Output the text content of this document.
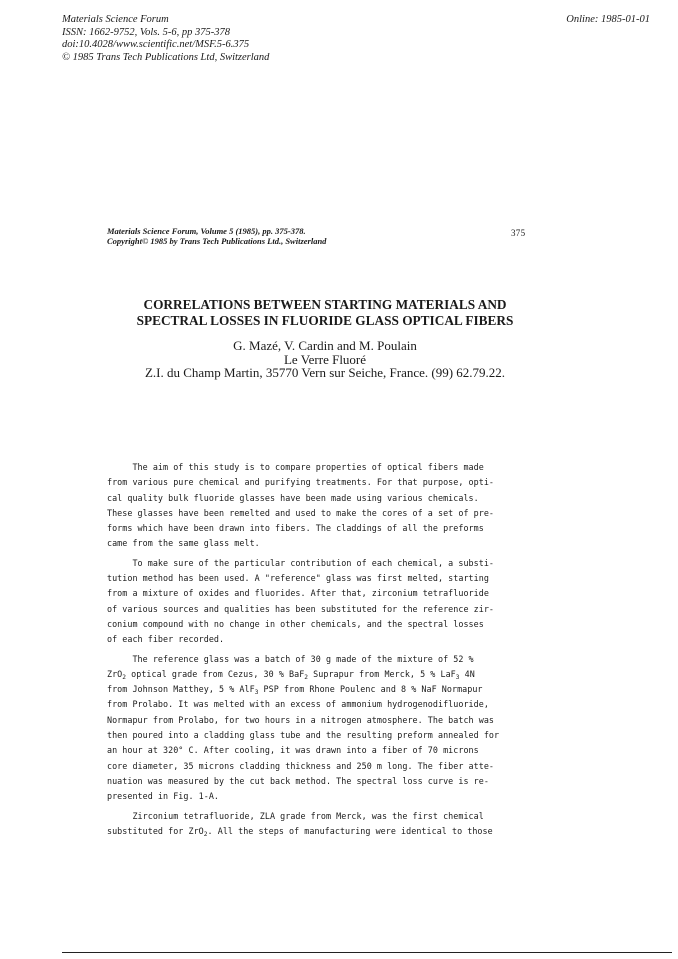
Materials Science Forum
ISSN: 1662-9752, Vols. 5-6, pp 375-378
doi:10.4028/www.scientific.net/MSF.5-6.375
© 1985 Trans Tech Publications Ltd, Switzerland
Online: 1985-01-01
Materials Science Forum, Volume 5 (1985), pp. 375-378.
Copyright© 1985 by Trans Tech Publications Ltd., Switzerland
375
CORRELATIONS BETWEEN STARTING MATERIALS AND
SPECTRAL LOSSES IN FLUORIDE GLASS OPTICAL FIBERS
G. Mazé, V. Cardin and M. Poulain
Le Verre Fluoré
Z.I. du Champ Martin, 35770 Vern sur Seiche, France. (99) 62.79.22.
The aim of this study is to compare properties of optical fibers made
from various pure chemical and purifying treatments. For that purpose, opti-
cal quality bulk fluoride glasses have been made using various chemicals.
These glasses have been remelted and used to make the cores of a set of pre-
forms which have been drawn into fibers. The claddings of all the preforms
came from the same glass melt.
To make sure of the particular contribution of each chemical, a substi-
tution method has been used. A "reference" glass was first melted, starting
from a mixture of oxides and fluorides. After that, zirconium tetrafluoride
of various sources and qualities has been substituted for the reference zir-
conium compound with no change in other chemicals, and the spectral losses
of each fiber recorded.
The reference glass was a batch of 30 g made of the mixture of 52 %
ZrO$_2$ optical grade from Cezus, 30 % BaF$_2$ Suprapur from Merck, 5 % LaF$_3$ 4N
from Johnson Matthey, 5 % AlF$_3$ PSP from Rhone Poulenc and 8 % NaF Normapur
from Prolabo. It was melted with an excess of ammonium hydrogenodifluoride,
Normapur from Prolabo, for two hours in a nitrogen atmosphere. The batch was
then poured into a cladding glass tube and the resulting preform annealed for
an hour at 320° C. After cooling, it was drawn into a fiber of 70 microns
core diameter, 35 microns cladding thickness and 250 m long. The fiber atte-
nuation was measured by the cut back method. The spectral loss curve is re-
presented in Fig. 1-A.
Zirconium tetrafluoride, ZLA grade from Merck, was the first chemical
substituted for ZrO$_2$. All the steps of manufacturing were identical to those
